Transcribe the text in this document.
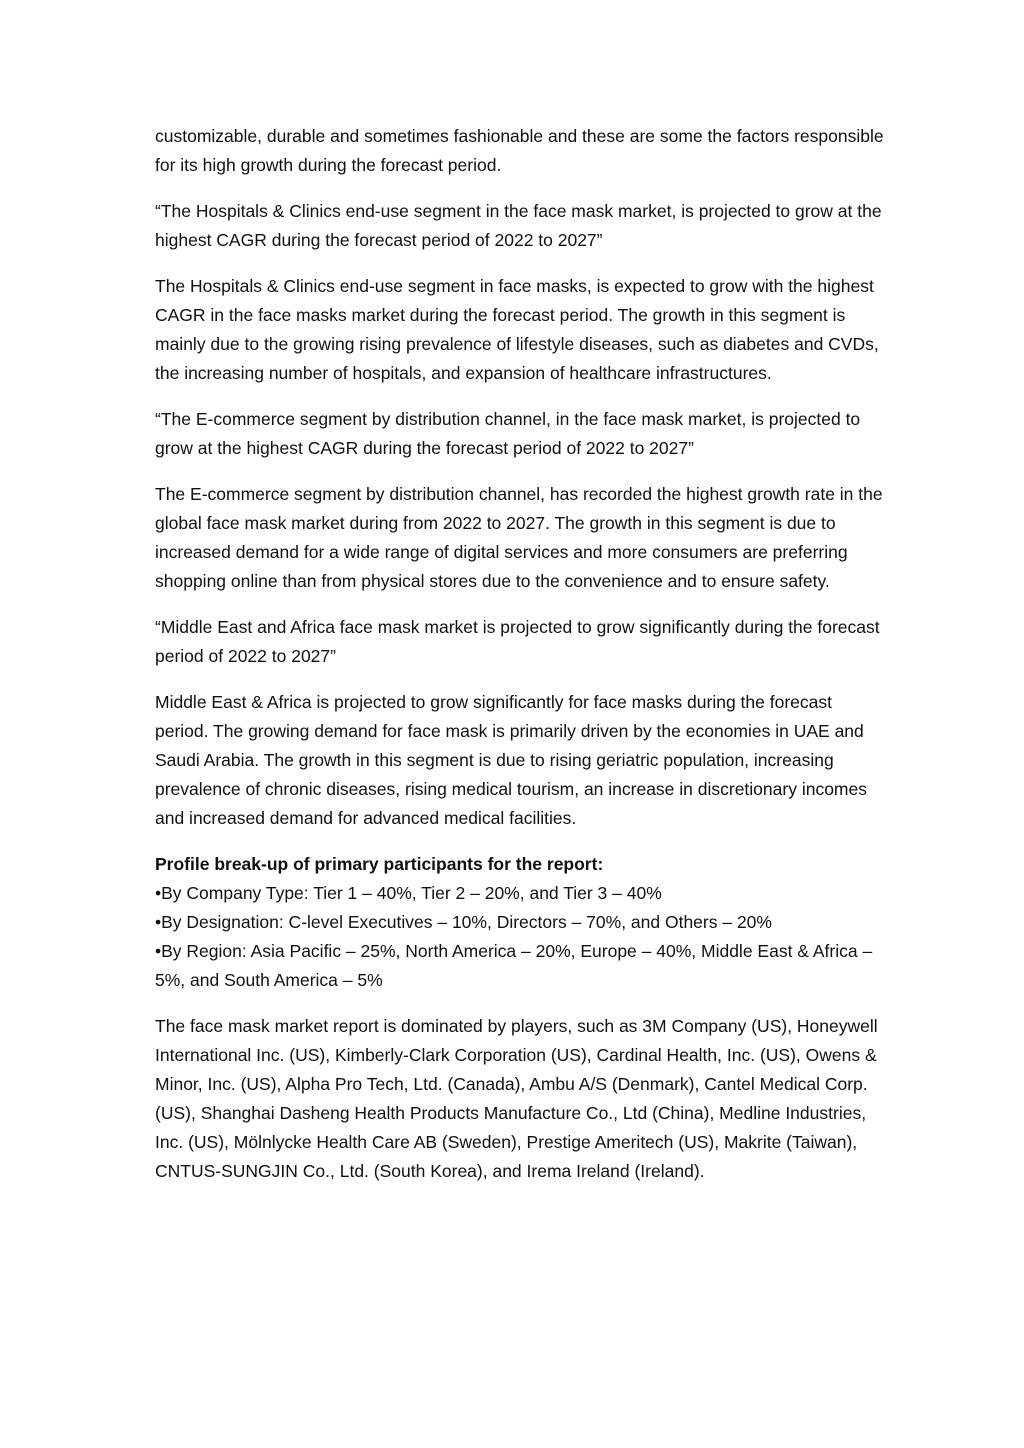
customizable, durable and sometimes fashionable and these are some the factors responsible for its high growth during the forecast period.

“The Hospitals & Clinics end-use segment in the face mask market, is projected to grow at the highest CAGR during the forecast period of 2022 to 2027”

The Hospitals & Clinics end-use segment in face masks, is expected to grow with the highest CAGR in the face masks market during the forecast period. The growth in this segment is mainly due to the growing rising prevalence of lifestyle diseases, such as diabetes and CVDs, the increasing number of hospitals, and expansion of healthcare infrastructures.

“The E-commerce segment by distribution channel, in the face mask market, is projected to grow at the highest CAGR during the forecast period of 2022 to 2027”

The E-commerce segment by distribution channel, has recorded the highest growth rate in the global face mask market during from 2022 to 2027. The growth in this segment is due to increased demand for a wide range of digital services and more consumers are preferring shopping online than from physical stores due to the convenience and to ensure safety.

“Middle East and Africa face mask market is projected to grow significantly during the forecast period of 2022 to 2027”

Middle East & Africa is projected to grow significantly for face masks during the forecast period. The growing demand for face mask is primarily driven by the economies in UAE and Saudi Arabia. The growth in this segment is due to rising geriatric population, increasing prevalence of chronic diseases, rising medical tourism, an increase in discretionary incomes and increased demand for advanced medical facilities.

Profile break-up of primary participants for the report:
•By Company Type: Tier 1 – 40%, Tier 2 – 20%, and Tier 3 – 40%
•By Designation: C-level Executives – 10%, Directors – 70%, and Others – 20%
•By Region: Asia Pacific – 25%, North America – 20%, Europe – 40%, Middle East & Africa –5%, and South America – 5%

The face mask market report is dominated by players, such as 3M Company (US), Honeywell International Inc. (US), Kimberly-Clark Corporation (US), Cardinal Health, Inc. (US), Owens & Minor, Inc. (US), Alpha Pro Tech, Ltd. (Canada), Ambu A/S (Denmark), Cantel Medical Corp. (US), Shanghai Dasheng Health Products Manufacture Co., Ltd (China), Medline Industries, Inc. (US), Mölnlycke Health Care AB (Sweden), Prestige Ameritech (US), Makrite (Taiwan), CNTUS-SUNGJIN Co., Ltd. (South Korea), and Irema Ireland (Ireland).
